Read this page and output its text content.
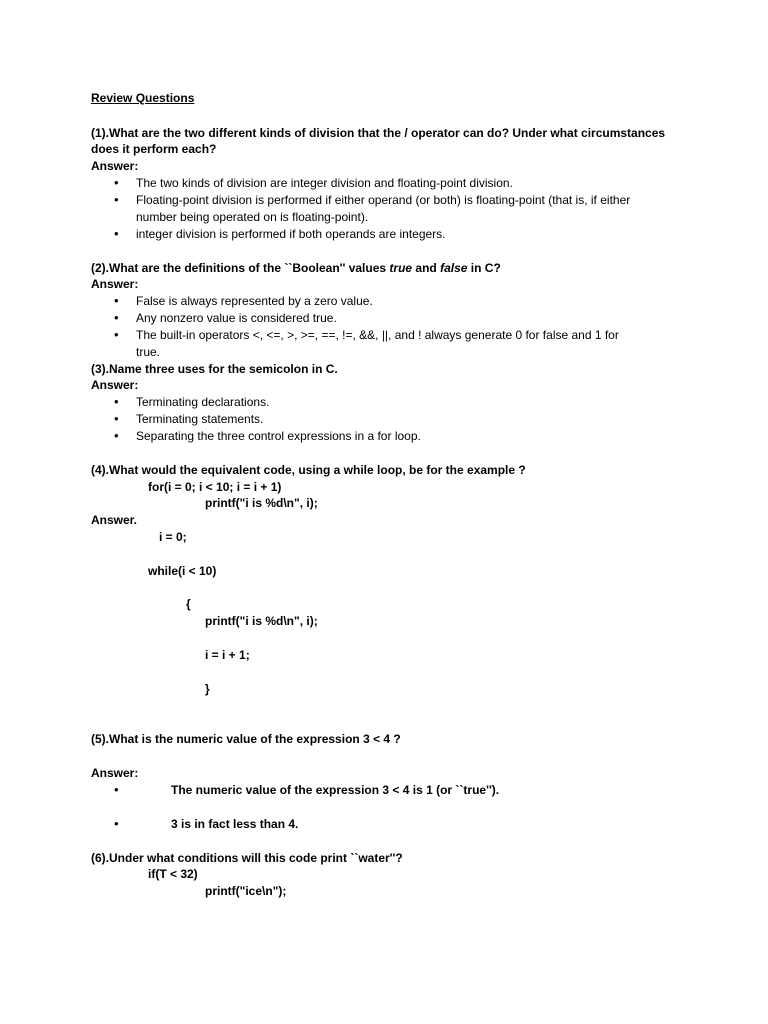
Review Questions
(1).What are the two different kinds of division that the / operator can do? Under what circumstances
does it perform each?
Answer:
• The two kinds of division are integer division and floating-point division.
• Floating-point division is performed if either operand (or both) is floating-point (that is, if either
number being operated on is floating-point).
• integer division is performed if both operands are integers.
(2).What are the definitions of the ``Boolean'' values true and false in C?
Answer:
• False is always represented by a zero value.
• Any nonzero value is considered true.
• The built-in operators <, <=, >, >=, ==, !=, &&, ||, and ! always generate 0 for false and 1 for
true.
(3).Name three uses for the semicolon in C.
Answer:
• Terminating declarations.
• Terminating statements.
• Separating the three control expressions in a for loop.
(4).What would the equivalent code, using a while loop, be for the example ?
for(i = 0; i < 10; i = i + 1)
printf("i is %d\n", i);
Answer.
i = 0;
while(i < 10)
{
printf("i is %d\n", i);
i = i + 1;
}
(5).What is the numeric value of the expression 3 < 4 ?
Answer:
•	The numeric value of the expression 3 < 4 is 1 (or ``true'').
•	3 is in fact less than 4.
(6).Under what conditions will this code print ``water''?
if(T < 32)
printf("ice\n");
